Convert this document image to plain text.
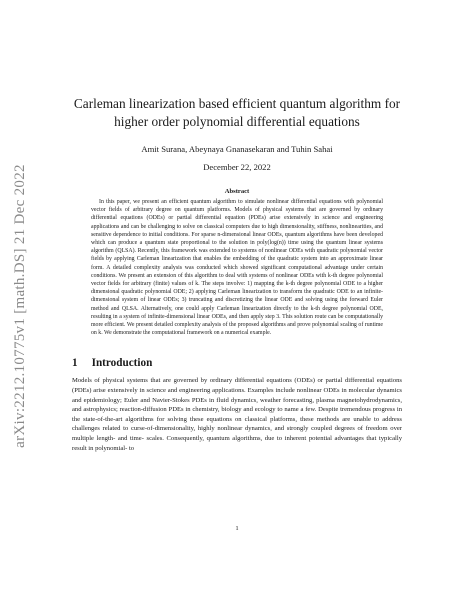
arXiv:2212.10775v1 [math.DS] 21 Dec 2022
Carleman linearization based efficient quantum algorithm for higher order polynomial differential equations
Amit Surana, Abeynaya Gnanasekaran and Tuhin Sahai
December 22, 2022
Abstract
In this paper, we present an efficient quantum algorithm to simulate nonlinear differential equations with polynomial vector fields of arbitrary degree on quantum platforms. Models of physical systems that are governed by ordinary differential equations (ODEs) or partial differential equation (PDEs) arise extensively in science and engineering applications and can be challenging to solve on classical computers due to high dimensionality, stiffness, nonlinearities, and sensitive dependence to initial conditions. For sparse n-dimensional linear ODEs, quantum algorithms have been developed which can produce a quantum state proportional to the solution in poly(log(n)) time using the quantum linear systems algorithm (QLSA). Recently, this framework was extended to systems of nonlinear ODEs with quadratic polynomial vector fields by applying Carleman linearization that enables the embedding of the quadratic system into an approximate linear form. A detailed complexity analysis was conducted which showed significant computational advantage under certain conditions. We present an extension of this algorithm to deal with systems of nonlinear ODEs with k-th degree polynomial vector fields for arbitrary (finite) values of k. The steps involve: 1) mapping the k-th degree polynomial ODE to a higher dimensional quadratic polynomial ODE; 2) applying Carleman linearization to transform the quadratic ODE to an infinite-dimensional system of linear ODEs; 3) truncating and discretizing the linear ODE and solving using the forward Euler method and QLSA. Alternatively, one could apply Carleman linearization directly to the k-th degree polynomial ODE, resulting in a system of infinite-dimensional linear ODEs, and then apply step 3. This solution route can be computationally more efficient. We present detailed complexity analysis of the proposed algorithms and prove polynomial scaling of runtime on k. We demonstrate the computational framework on a numerical example.
1 Introduction
Models of physical systems that are governed by ordinary differential equations (ODEs) or partial differential equations (PDEs) arise extensively in science and engineering applications. Examples include nonlinear ODEs in molecular dynamics and epidemiology; Euler and Navier-Stokes PDEs in fluid dynamics, weather forecasting, plasma magnetohydrodynamics, and astrophysics; reaction-diffusion PDEs in chemistry, biology and ecology to name a few. Despite tremendous progress in the state-of-the-art algorithms for solving these equations on classical platforms, these methods are unable to address challenges related to curse-of-dimensionality, highly nonlinear dynamics, and strongly coupled degrees of freedom over multiple length- and time- scales. Consequently, quantum algorithms, due to inherent potential advantages that typically result in polynomial- to
1
